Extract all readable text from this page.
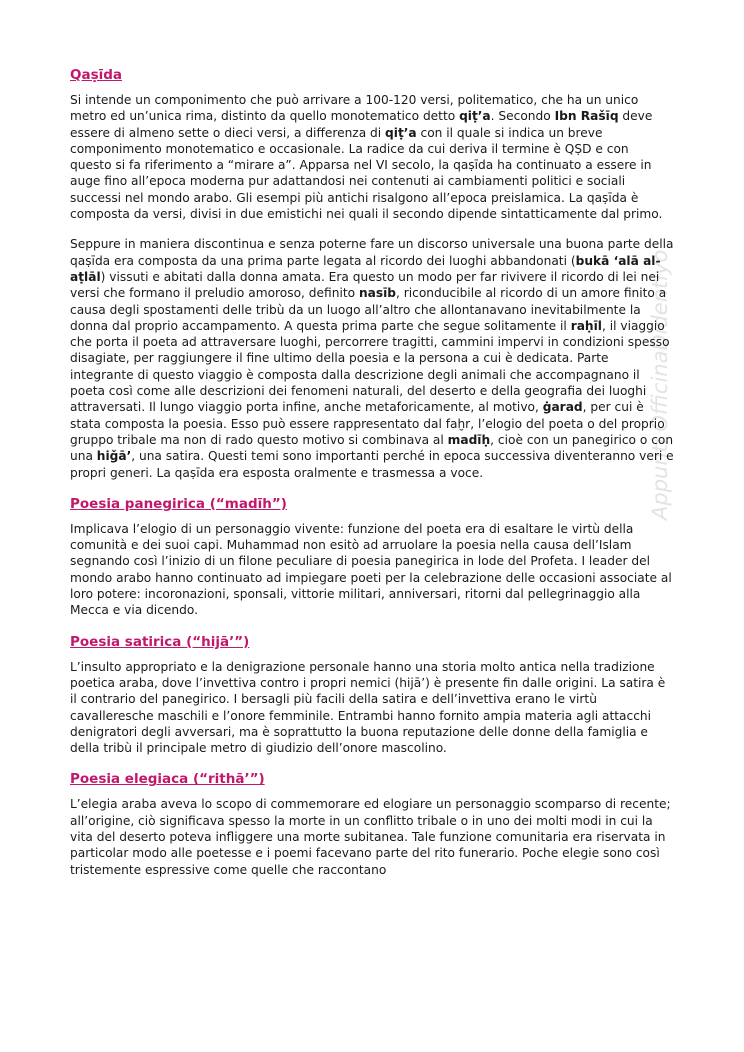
Appunti OfficinaDidentiyo
Qaṣīda

Si intende un componimento che può arrivare a 100-120 versi, politematico, che ha un unico metro ed un’unica rima, distinto da quello monotematico detto qiṭ’a. Secondo Ibn Rašīq deve essere di almeno sette o dieci versi, a differenza di qiṭ’a con il quale si indica un breve componimento monotematico e occasionale. La radice da cui deriva il termine è QṢD e con questo si fa riferimento a “mirare a”. Apparsa nel VI secolo, la qaṣīda ha continuato a essere in auge fino all’epoca moderna pur adattandosi nei contenuti ai cambiamenti politici e sociali successi nel mondo arabo. Gli esempi più antichi risalgono all’epoca preislamica. La qaṣīda è composta da versi, divisi in due emistichi nei quali il secondo dipende sintatticamente dal primo.

Seppure in maniera discontinua e senza poterne fare un discorso universale una buona parte della qaṣīda era composta da una prima parte legata al ricordo dei luoghi abbandonati (bukā ‘alā al-aṭlāl) vissuti e abitati dalla donna amata. Era questo un modo per far rivivere il ricordo di lei nei versi che formano il preludio amoroso, definito nasīb, riconducibile al ricordo di un amore finito a causa degli spostamenti delle tribù da un luogo all’altro che allontanavano inevitabilmente la donna dal proprio accampamento. A questa prima parte che segue solitamente il raḥīl, il viaggio che porta il poeta ad attraversare luoghi, percorrere tragitti, cammini impervi in condizioni spesso disagiate, per raggiungere il fine ultimo della poesia e la persona a cui è dedicata. Parte integrante di questo viaggio è composta dalla descrizione degli animali che accompagnano il poeta così come alle descrizioni dei fenomeni naturali, del deserto e della geografia dei luoghi attraversati. Il lungo viaggio porta infine, anche metaforicamente, al motivo, ġarad, per cui è stata composta la poesia. Esso può essere rappresentato dal faḫr, l’elogio del poeta o del proprio gruppo tribale ma non di rado questo motivo si combinava al madīḥ, cioè con un panegirico o con una hiǧā’, una satira. Questi temi sono importanti perché in epoca successiva diventeranno veri e propri generi. La qaṣīda era esposta oralmente e trasmessa a voce.

Poesia panegirica (“madīh”)

Implicava l’elogio di un personaggio vivente: funzione del poeta era di esaltare le virtù della comunità e dei suoi capi. Muhammad non esitò ad arruolare la poesia nella causa dell’Islam segnando così l’inizio di un filone peculiare di poesia panegirica in lode del Profeta. I leader del mondo arabo hanno continuato ad impiegare poeti per la celebrazione delle occasioni associate al loro potere: incoronazioni, sponsali, vittorie militari, anniversari, ritorni dal pellegrinaggio alla Mecca e via dicendo.

Poesia satirica (“hijā’”)

L’insulto appropriato e la denigrazione personale hanno una storia molto antica nella tradizione poetica araba, dove l’invettiva contro i propri nemici (hijā’) è presente fin dalle origini. La satira è il contrario del panegirico. I bersagli più facili della satira e dell’invettiva erano le virtù cavalleresche maschili e l’onore femminile. Entrambi hanno fornito ampia materia agli attacchi denigratori degli avversari, ma è soprattutto la buona reputazione delle donne della famiglia e della tribù il principale metro di giudizio dell’onore mascolino.

Poesia elegiaca (“rithā’”)

L’elegia araba aveva lo scopo di commemorare ed elogiare un personaggio scomparso di recente; all’origine, ciò significava spesso la morte in un conflitto tribale o in uno dei molti modi in cui la vita del deserto poteva infliggere una morte subitanea. Tale funzione comunitaria era riservata in particolar modo alle poetesse e i poemi facevano parte del rito funerario. Poche elegie sono così tristemente espressive come quelle che raccontano
